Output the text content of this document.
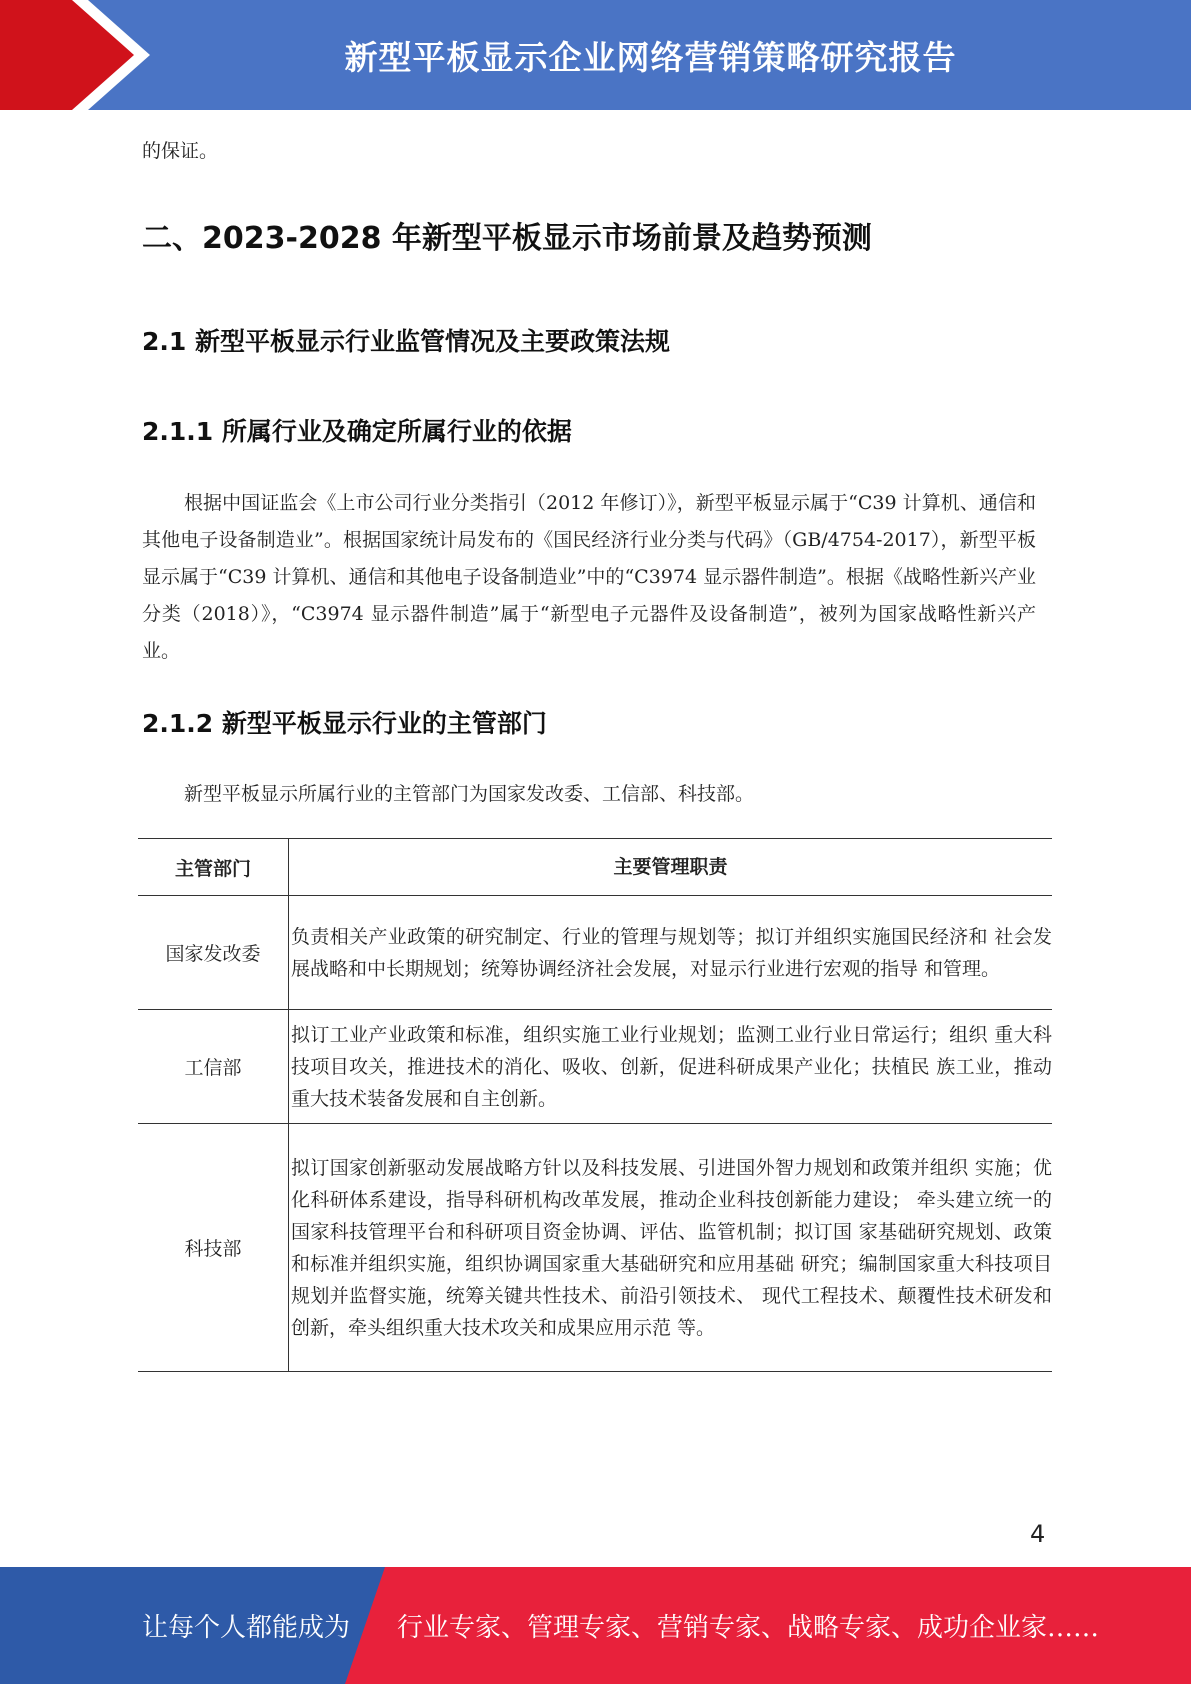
新型平板显示企业网络营销策略研究报告
的保证。
二、2023-2028 年新型平板显示市场前景及趋势预测
2.1 新型平板显示行业监管情况及主要政策法规
2.1.1 所属行业及确定所属行业的依据
根据中国证监会《上市公司行业分类指引（2012 年修订）》，新型平板显示属于“C39 计算机、通信和其他电子设备制造业”。根据国家统计局发布的《国民经济行业分类与代码》（GB/4754-2017），新型平板显示属于“C39 计算机、通信和其他电子设备制造业”中的“C3974 显示器件制造”。根据《战略性新兴产业分类（2018）》，“C3974 显示器件制造”属于“新型电子元器件及设备制造”，被列为国家战略性新兴产业。
2.1.2 新型平板显示行业的主管部门
新型平板显示所属行业的主管部门为国家发改委、工信部、科技部。
主管部门	主要管理职责
国家发改委	负责相关产业政策的研究制定、行业的管理与规划等；拟订并组织实施国民经济和 社会发展战略和中长期规划；统筹协调经济社会发展，对显示行业进行宏观的指导 和管理。
工信部	拟订工业产业政策和标准，组织实施工业行业规划；监测工业行业日常运行；组织 重大科技项目攻关，推进技术的消化、吸收、创新，促进科研成果产业化；扶植民 族工业，推动重大技术装备发展和自主创新。
科技部	拟订国家创新驱动发展战略方针以及科技发展、引进国外智力规划和政策并组织 实施；优化科研体系建设，指导科研机构改革发展，推动企业科技创新能力建设； 牵头建立统一的国家科技管理平台和科研项目资金协调、评估、监管机制；拟订国 家基础研究规划、政策和标准并组织实施，组织协调国家重大基础研究和应用基础 研究；编制国家重大科技项目规划并监督实施，统筹关键共性技术、前沿引领技术、 现代工程技术、颠覆性技术研发和创新，牵头组织重大技术攻关和成果应用示范 等。
4
让每个人都能成为 行业专家、管理专家、营销专家、战略专家、成功企业家……
